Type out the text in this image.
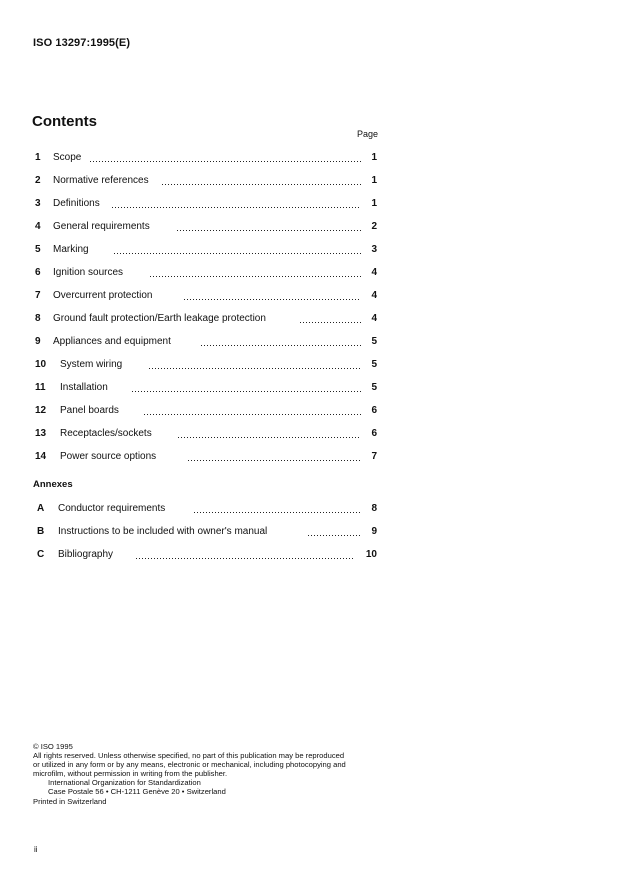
ISO 13297:1995(E)
Contents
Page
1 Scope	1
2 Normative references	1
3 Definitions	1
4 General requirements	2
5 Marking	3
6 Ignition sources	4
7 Overcurrent protection	4
8 Ground fault protection/Earth leakage protection	4
9 Appliances and equipment	5
10 System wiring	5
11 Installation	5
12 Panel boards	6
13 Receptacles/sockets	6
14 Power source options	7
Annexes
A Conductor requirements	8
B Instructions to be included with owner's manual	9
C Bibliography	10
© ISO 1995
All rights reserved. Unless otherwise specified, no part of this publication may be reproduced
or utilized in any form or by any means, electronic or mechanical, including photocopying and
microfilm, without permission in writing from the publisher.
International Organization for Standardization
Case Postale 56 • CH-1211 Genève 20 • Switzerland
Printed in Switzerland
ii
